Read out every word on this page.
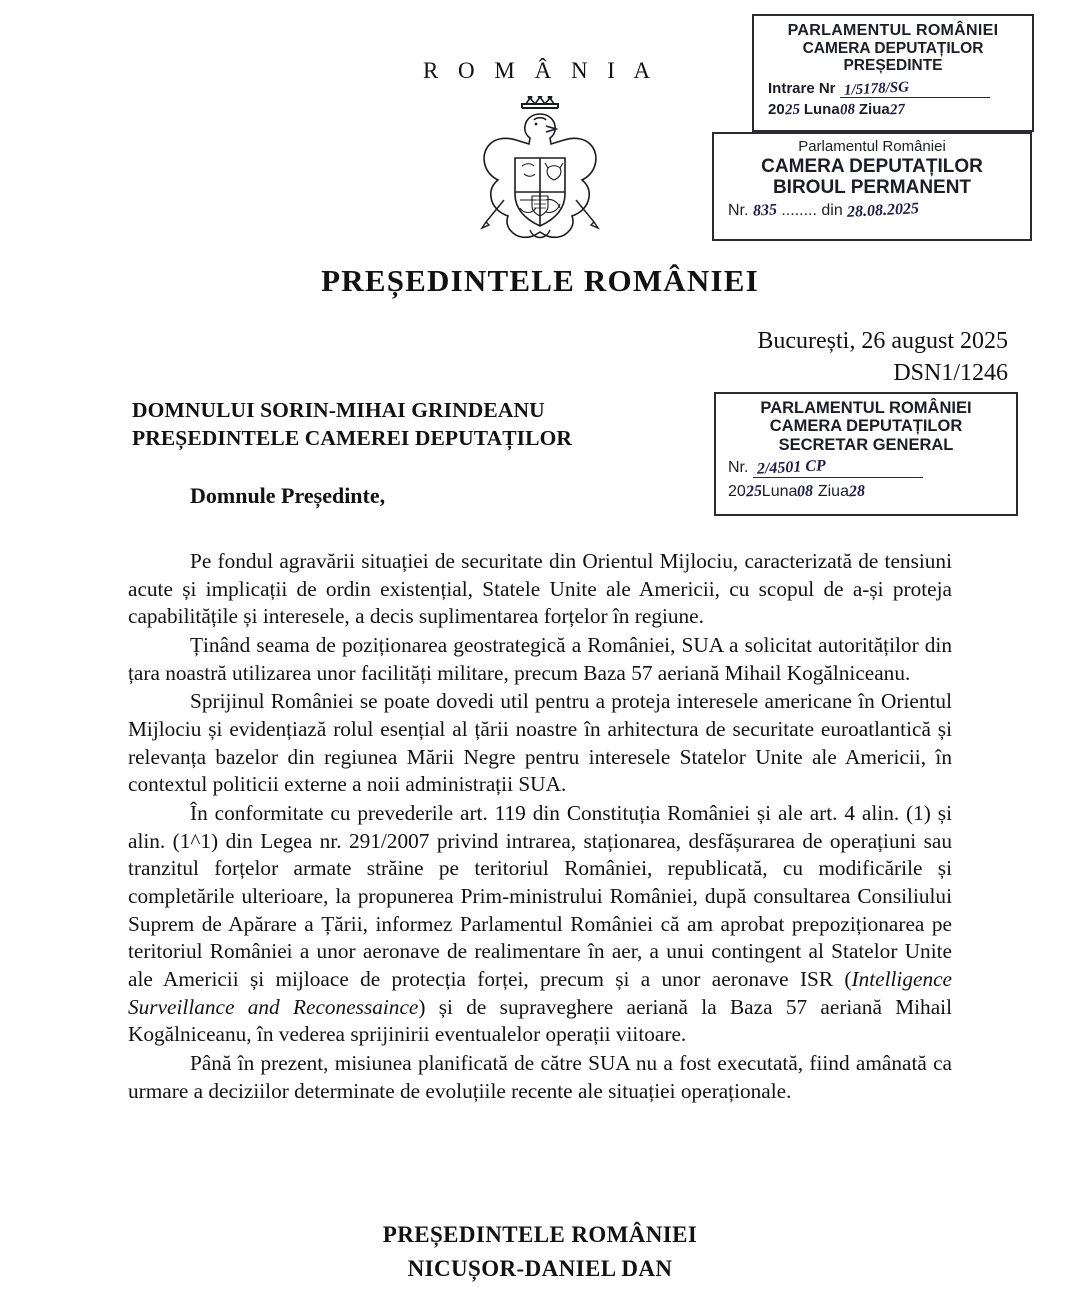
R O M Â N I A
PREȘEDINTELE ROMÂNIEI
PARLAMENTUL ROMÂNIEI
CAMERA DEPUTAȚILOR
PREȘEDINTE
Intrare Nr 1/5178/SG
2025 Luna08 Ziua27
Parlamentul României
CAMERA DEPUTAȚILOR
BIROUL PERMANENT
Nr. 835 ........ din 28.08.2025
București, 26 august 2025
DSN1/1246
DOMNULUI SORIN-MIHAI GRINDEANU
PREȘEDINTELE CAMEREI DEPUTAȚILOR
PARLAMENTUL ROMÂNIEI
CAMERA DEPUTAȚILOR
SECRETAR GENERAL
Nr. 2/4501 CP
2025Luna08 Ziua28
Domnule Președinte,

Pe fondul agravării situației de securitate din Orientul Mijlociu, caracterizată de tensiuni acute și implicații de ordin existențial, Statele Unite ale Americii, cu scopul de a-și proteja capabilitățile și interesele, a decis suplimentarea forțelor în regiune.

Ținând seama de poziționarea geostrategică a României, SUA a solicitat autorităților din țara noastră utilizarea unor facilități militare, precum Baza 57 aeriană Mihail Kogălniceanu.

Sprijinul României se poate dovedi util pentru a proteja interesele americane în Orientul Mijlociu și evidențiază rolul esențial al țării noastre în arhitectura de securitate euroatlantică și relevanța bazelor din regiunea Mării Negre pentru interesele Statelor Unite ale Americii, în contextul politicii externe a noii administrații SUA.

În conformitate cu prevederile art. 119 din Constituția României și ale art. 4 alin. (1) și alin. (1^1) din Legea nr. 291/2007 privind intrarea, staționarea, desfășurarea de operațiuni sau tranzitul forțelor armate străine pe teritoriul României, republicată, cu modificările și completările ulterioare, la propunerea Prim-ministrului României, după consultarea Consiliului Suprem de Apărare a Țării, informez Parlamentul României că am aprobat prepoziționarea pe teritoriul României a unor aeronave de realimentare în aer, a unui contingent al Statelor Unite ale Americii și mijloace de protecția forței, precum și a unor aeronave ISR (Intelligence Surveillance and Reconessaince) și de supraveghere aeriană la Baza 57 aeriană Mihail Kogălniceanu, în vederea sprijinirii eventualelor operații viitoare.

Până în prezent, misiunea planificată de către SUA nu a fost executată, fiind amânată ca urmare a deciziilor determinate de evoluțiile recente ale situației operaționale.

PREȘEDINTELE ROMÂNIEI
NICUȘOR-DANIEL DAN
